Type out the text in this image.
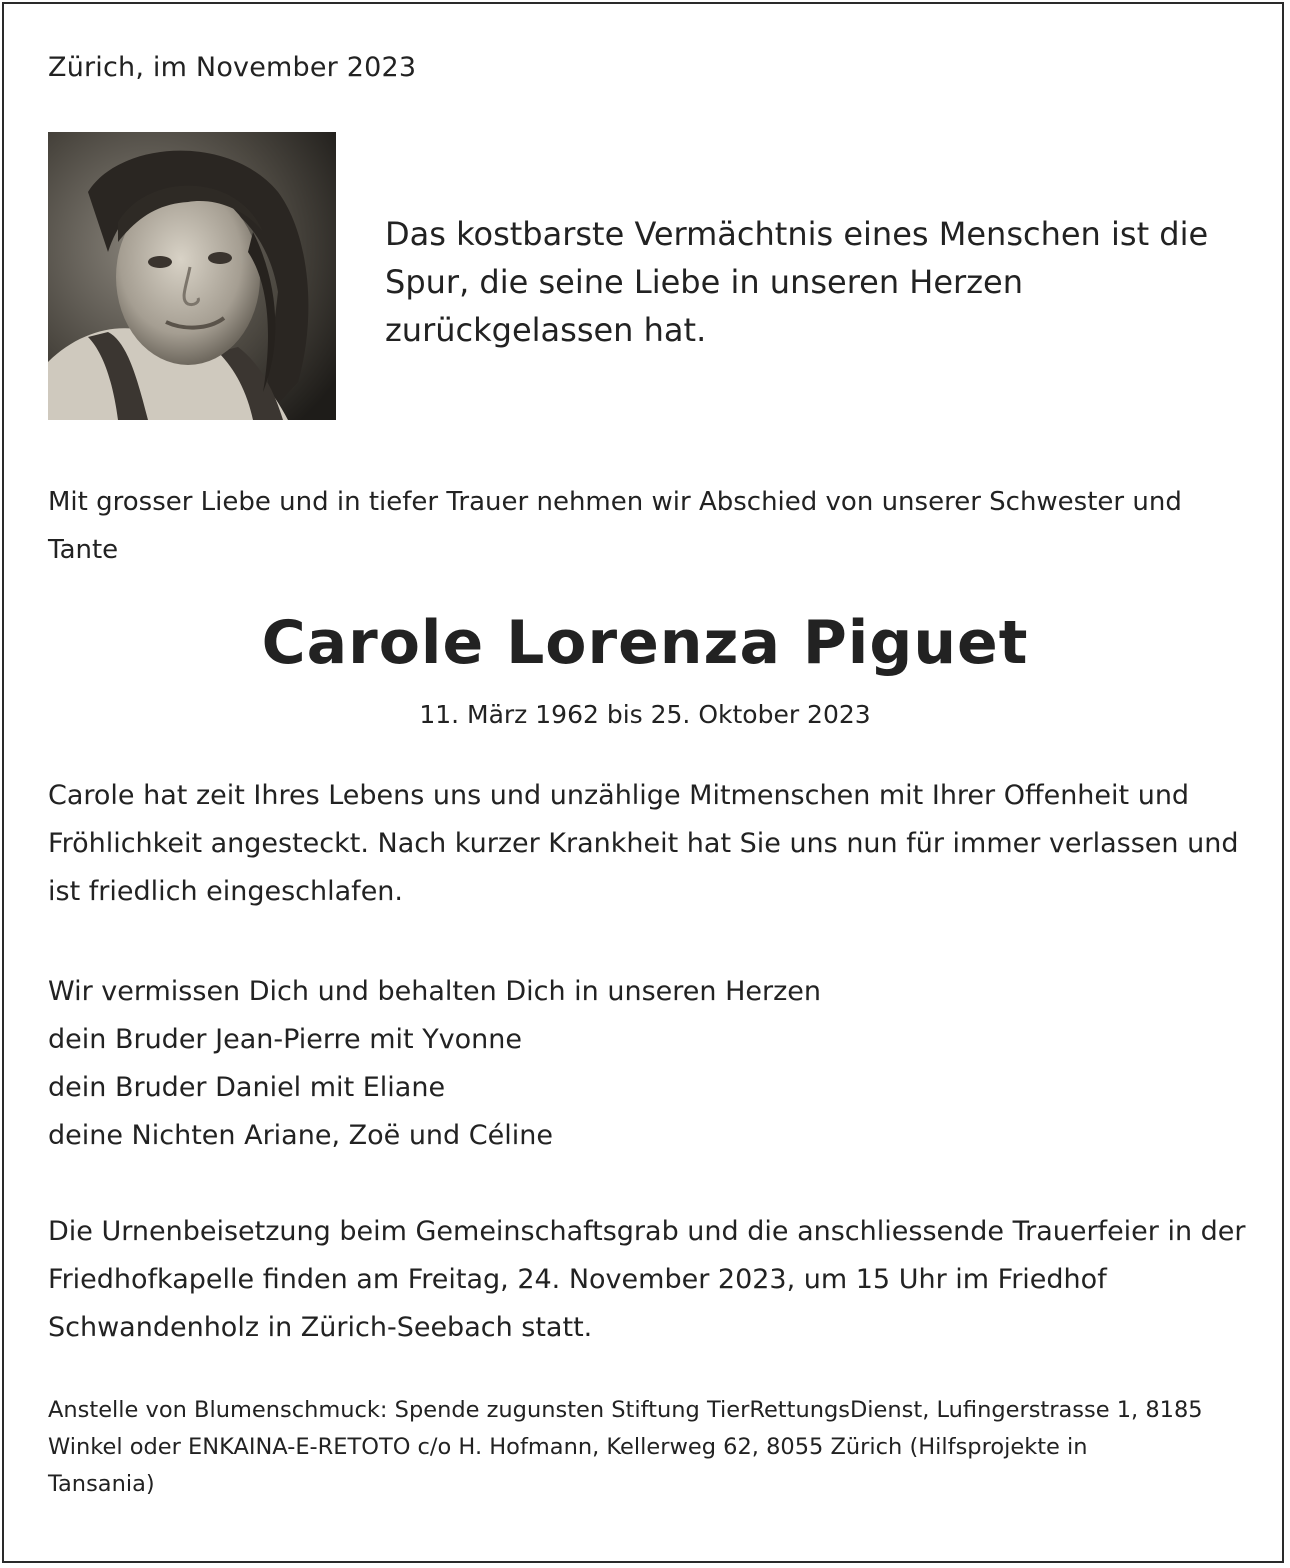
Zürich, im November 2023
Das kostbarste Vermächtnis eines Menschen ist die
Spur, die seine Liebe in unseren Herzen
zurückgelassen hat.
Mit grosser Liebe und in tiefer Trauer nehmen wir Abschied von unserer Schwester und
Tante
Carole Lorenza Piguet
11. März 1962 bis 25. Oktober 2023
Carole hat zeit Ihres Lebens uns und unzählige Mitmenschen mit Ihrer Offenheit und
Fröhlichkeit angesteckt. Nach kurzer Krankheit hat Sie uns nun für immer verlassen und
ist friedlich eingeschlafen.
Wir vermissen Dich und behalten Dich in unseren Herzen
dein Bruder Jean-Pierre mit Yvonne
dein Bruder Daniel mit Eliane
deine Nichten Ariane, Zoë und Céline
Die Urnenbeisetzung beim Gemeinschaftsgrab und die anschliessende Trauerfeier in der
Friedhofkapelle finden am Freitag, 24. November 2023, um 15 Uhr im Friedhof
Schwandenholz in Zürich-Seebach statt.
Anstelle von Blumenschmuck: Spende zugunsten Stiftung TierRettungsDienst, Lufingerstrasse 1, 8185
Winkel oder ENKAINA-E-RETOTO c/o H. Hofmann, Kellerweg 62, 8055 Zürich (Hilfsprojekte in
Tansania)
